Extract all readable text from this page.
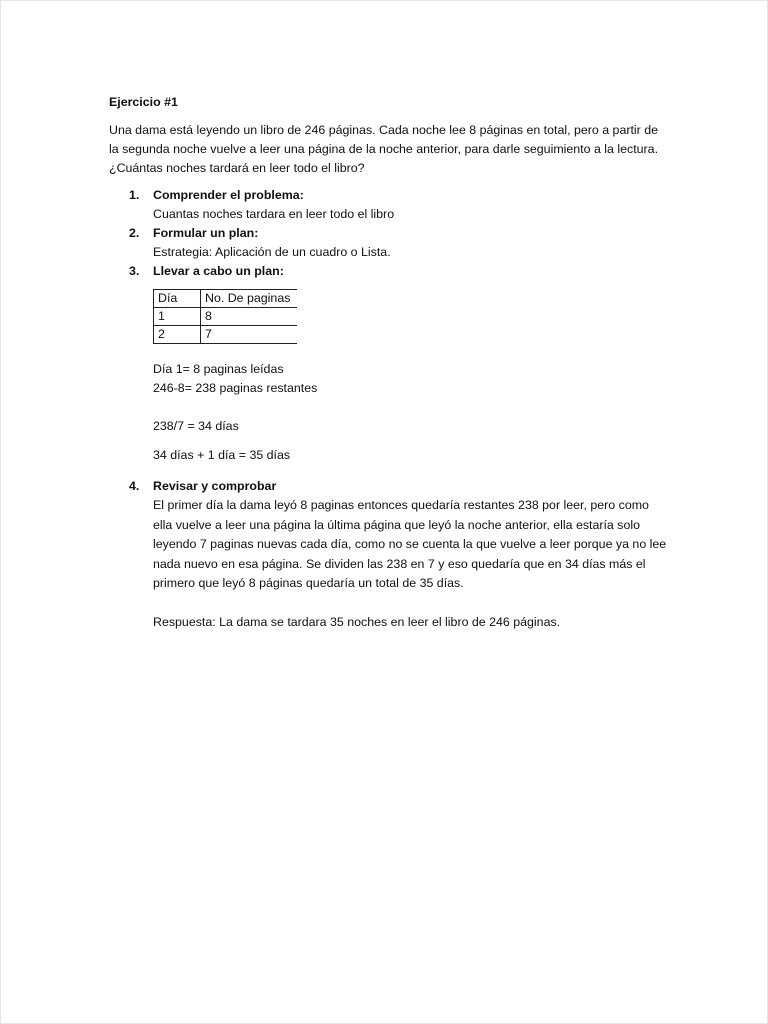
Ejercicio #1
Una dama está leyendo un libro de 246 páginas. Cada noche lee 8 páginas en total, pero a partir de la segunda noche vuelve a leer una página de la noche anterior, para darle seguimiento a la lectura. ¿Cuántas noches tardará en leer todo el libro?
1. Comprender el problema:
Cuantas noches tardara en leer todo el libro
2. Formular un plan:
Estrategia: Aplicación de un cuadro o Lista.
3. Llevar a cabo un plan:
Día	No. De paginas
1	8
2	7
Día 1= 8 paginas leídas
246-8= 238 paginas restantes
238/7 = 34 días
34 días + 1 día = 35 días
4. Revisar y comprobar
El primer día la dama leyó 8 paginas entonces quedaría restantes 238 por leer, pero como ella vuelve a leer una página la última página que leyó la noche anterior, ella estaría solo leyendo 7 paginas nuevas cada día, como no se cuenta la que vuelve a leer porque ya no lee nada nuevo en esa página. Se dividen las 238 en 7 y eso quedaría que en 34 días más el primero que leyó 8 páginas quedaría un total de 35 días.
Respuesta: La dama se tardara 35 noches en leer el libro de 246 páginas.
